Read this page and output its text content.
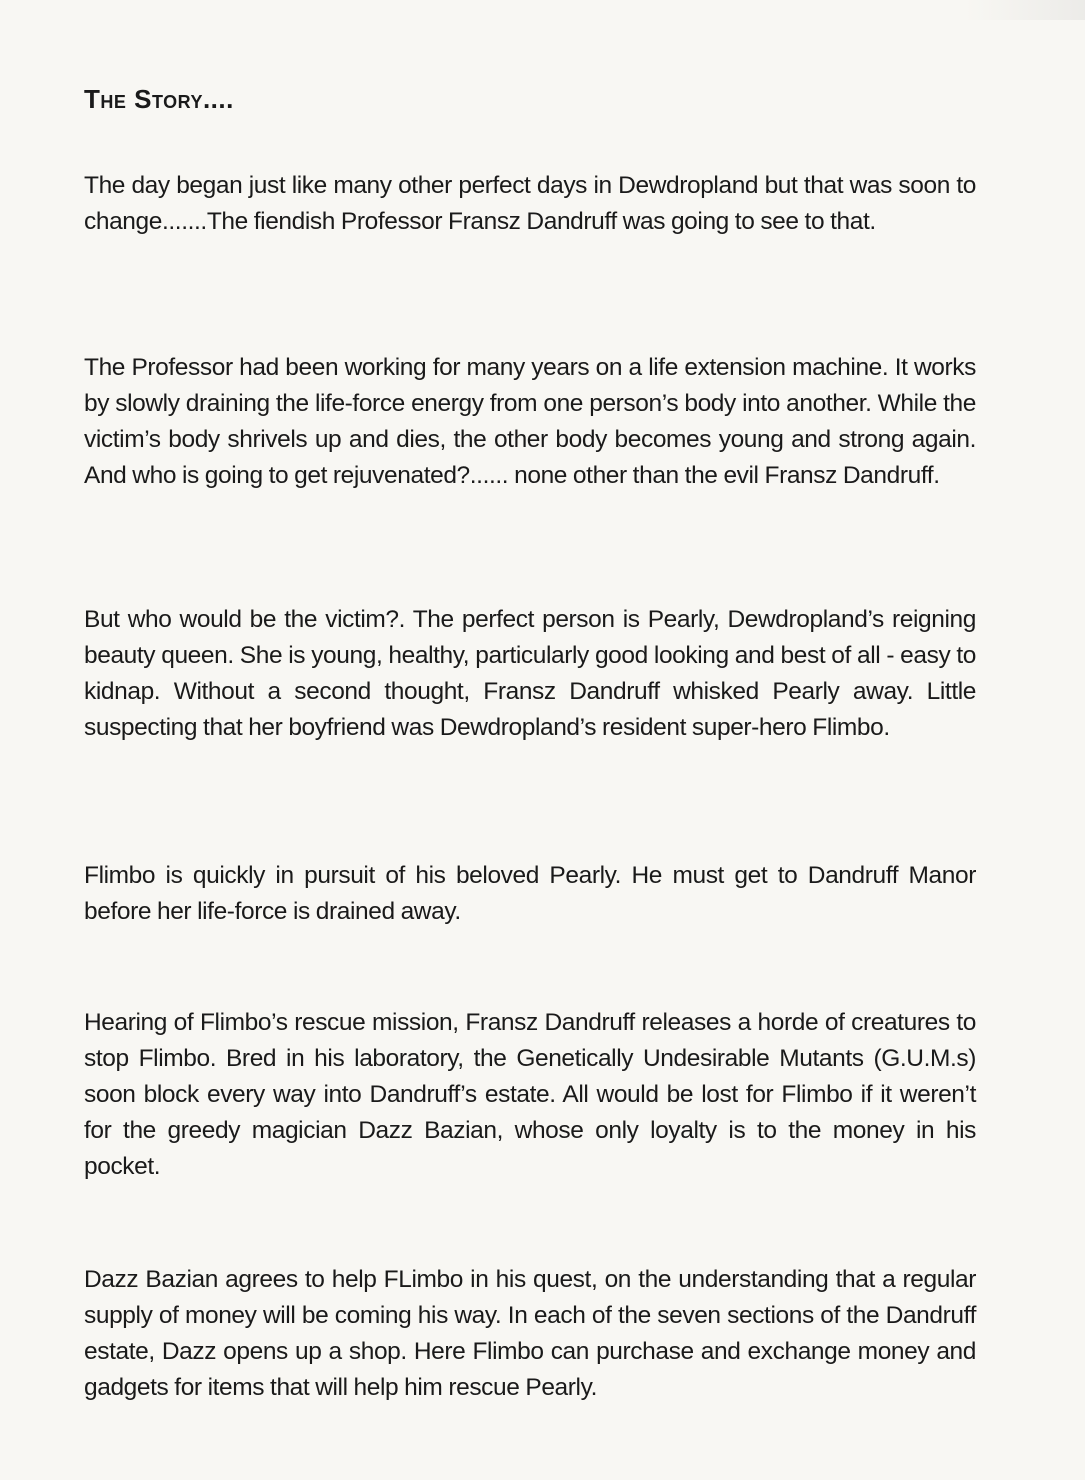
The Story....

The day began just like many other perfect days in Dewdropland but that was soon to change.......The fiendish Professor Fransz Dandruff was going to see to that.

The Professor had been working for many years on a life extension machine. It works by slowly draining the life-force energy from one person’s body into another. While the victim’s body shrivels up and dies, the other body becomes young and strong again. And who is going to get rejuvenated?...... none other than the evil Fransz Dandruff.

But who would be the victim?. The perfect person is Pearly, Dewdropland’s reigning beauty queen. She is young, healthy, particularly good looking and best of all - easy to kidnap. Without a second thought, Fransz Dandruff whisked Pearly away. Little suspecting that her boyfriend was Dewdropland’s resident super-hero Flimbo.

Flimbo is quickly in pursuit of his beloved Pearly. He must get to Dandruff Manor before her life-force is drained away.

Hearing of Flimbo’s rescue mission, Fransz Dandruff releases a horde of creatures to stop Flimbo. Bred in his laboratory, the Genetically Undesirable Mutants (G.U.M.s) soon block every way into Dandruff’s estate. All would be lost for Flimbo if it weren’t for the greedy magician Dazz Bazian, whose only loyalty is to the money in his pocket.

Dazz Bazian agrees to help FLimbo in his quest, on the understanding that a regular supply of money will be coming his way. In each of the seven sections of the Dandruff estate, Dazz opens up a shop. Here Flimbo can purchase and exchange money and gadgets for items that will help him rescue Pearly.
